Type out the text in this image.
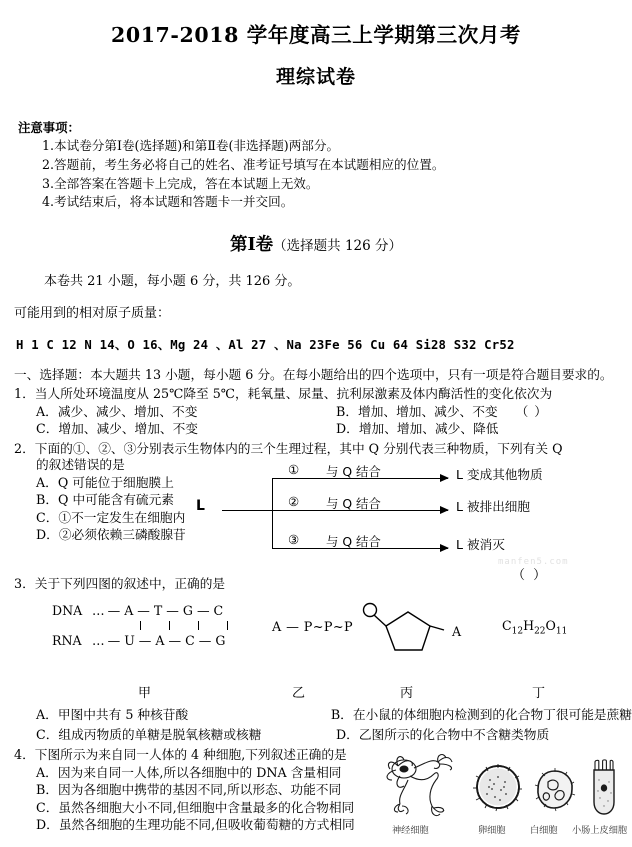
2017-2018 学年度高三上学期第三次月考
理综试卷
注意事项：
1.本试卷分第Ⅰ卷(选择题)和第Ⅱ卷(非选择题)两部分。
2.答题前，考生务必将自己的姓名、准考证号填写在本试题相应的位置。
3.全部答案在答题卡上完成，答在本试题上无效。
4.考试结束后，将本试题和答题卡一并交回。
第Ⅰ卷（选择题共 126 分）
本卷共 21 小题，每小题 6 分，共 126 分。
可能用到的相对原子质量：
H 1 C 12 N 14、O 16、Mg 24 、Al 27 、Na 23Fe 56 Cu 64 Si28 S32 Cr52
一、选择题：本大题共 13 小题，每小题 6 分。在每小题给出的四个选项中，只有一项是符合题目要求的。
1．当人所处环境温度从 25℃降至 5℃，耗氧量、尿量、抗利尿激素及体内酶活性的变化依次为
A．减少、减少、增加、不变	B．增加、增加、减少、不变 （ ）
C．增加、减少、增加、不变	D．增加、增加、减少、降低
2．下面的①、②、③分别表示生物体内的三个生理过程，其中 Q 分别代表三种物质，下列有关 Q
的叙述错误的是
A．Q 可能位于细胞膜上
B．Q 中可能含有硫元素
C．①不一定发生在细胞内
D．②必须依赖三磷酸腺苷
L
① 与 Q 结合	L 变成其他物质
② 与 Q 结合	L 被排出细胞
③ 与 Q 结合	L 被消灭
3．关于下列四图的叙述中，正确的是
DNA … — A — T — G — C
RNA … — U — A — C — G
A — P~P~P	A	$C_{12}H_{22}O_{11}$
甲	乙	丙	丁
A．甲图中共有 5 种核苷酸	B．在小鼠的体细胞内检测到的化合物丁很可能是蔗糖
C．组成丙物质的单糖是脱氧核糖或核糖	D．乙图所示的化合物中不含糖类物质
4．下图所示为来自同一人体的 4 种细胞,下列叙述正确的是
A．因为来自同一人体,所以各细胞中的 DNA 含量相同
B．因为各细胞中携带的基因不同,所以形态、功能不同
C．虽然各细胞大小不同,但细胞中含量最多的化合物相同
D．虽然各细胞的生理功能不同,但吸收葡萄糖的方式相同	神经细胞	卵细胞	白细胞 小肠上皮细胞
manfen5.com
（ ）
